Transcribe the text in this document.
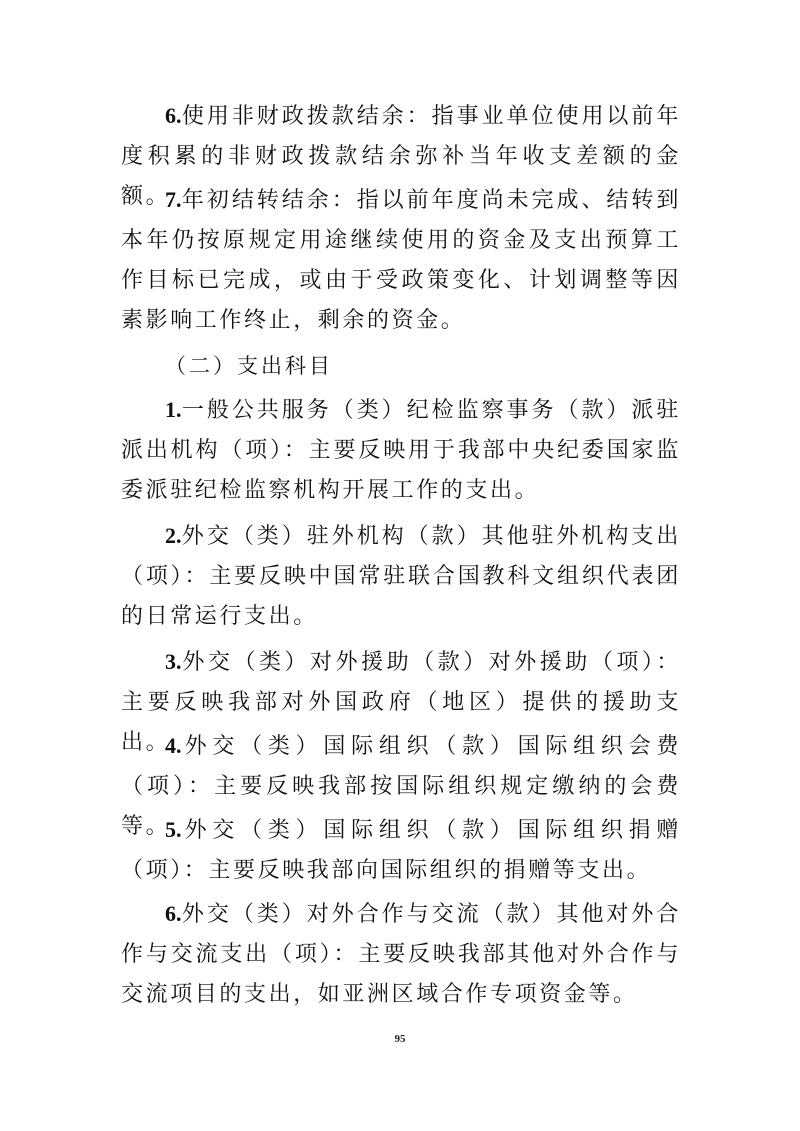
6.使用非财政拨款结余：指事业单位使用以前年度积累的非财政拨款结余弥补当年收支差额的金额。

7.年初结转结余：指以前年度尚未完成、结转到本年仍按原规定用途继续使用的资金及支出预算工作目标已完成，或由于受政策变化、计划调整等因素影响工作终止，剩余的资金。

（二）支出科目

1.一般公共服务（类）纪检监察事务（款）派驻派出机构（项）：主要反映用于我部中央纪委国家监委派驻纪检监察机构开展工作的支出。

2.外交（类）驻外机构（款）其他驻外机构支出（项）：主要反映中国常驻联合国教科文组织代表团的日常运行支出。

3.外交（类）对外援助（款）对外援助（项）：主要反映我部对外国政府（地区）提供的援助支出。

4.外交（类）国际组织（款）国际组织会费（项）：主要反映我部按国际组织规定缴纳的会费等。

5.外交（类）国际组织（款）国际组织捐赠（项）：主要反映我部向国际组织的捐赠等支出。

6.外交（类）对外合作与交流（款）其他对外合作与交流支出（项）：主要反映我部其他对外合作与交流项目的支出，如亚洲区域合作专项资金等。

95
